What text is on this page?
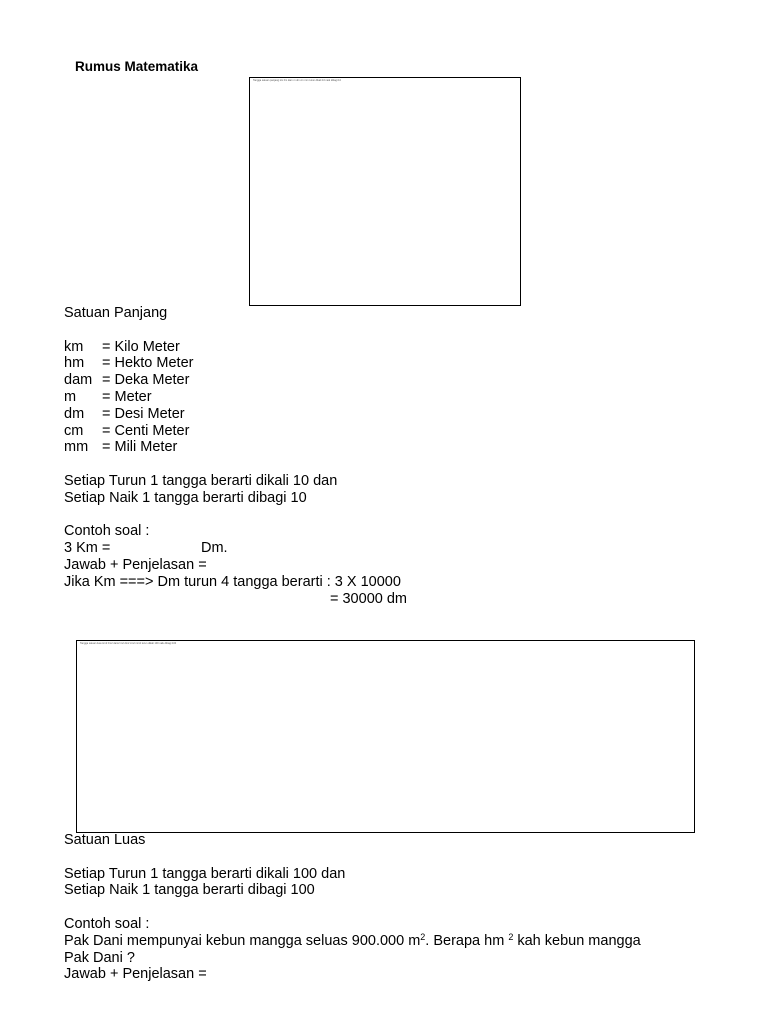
Rumus Matematika
Tangga satuan panjang km hm dam m dm cm mm turun dikali 10 naik dibagi 10
Satuan Panjang
km	= Kilo Meter
hm	= Hekto Meter
dam = Deka Meter
m	= Meter
dm	= Desi Meter
cm	= Centi Meter
mm = Mili Meter
Setiap Turun 1 tangga berarti dikali 10 dan
Setiap Naik 1 tangga berarti dibagi 10
Contoh soal :
3 Km =	Dm.
Jawab + Penjelasan =
Jika Km ===> Dm turun 4 tangga berarti : 3 X 10000
= 30000 dm
Tangga satuan luas km2 hm2 dam2 m2 dm2 cm2 mm2 turun dikali 100 naik dibagi 100
Satuan Luas
Setiap Turun 1 tangga berarti dikali 100 dan
Setiap Naik 1 tangga berarti dibagi 100
Contoh soal :
Pak Dani mempunyai kebun mangga seluas 900.000 $m^2$. Berapa hm $^2$ kah kebun mangga
Pak Dani ?
Jawab + Penjelasan =
